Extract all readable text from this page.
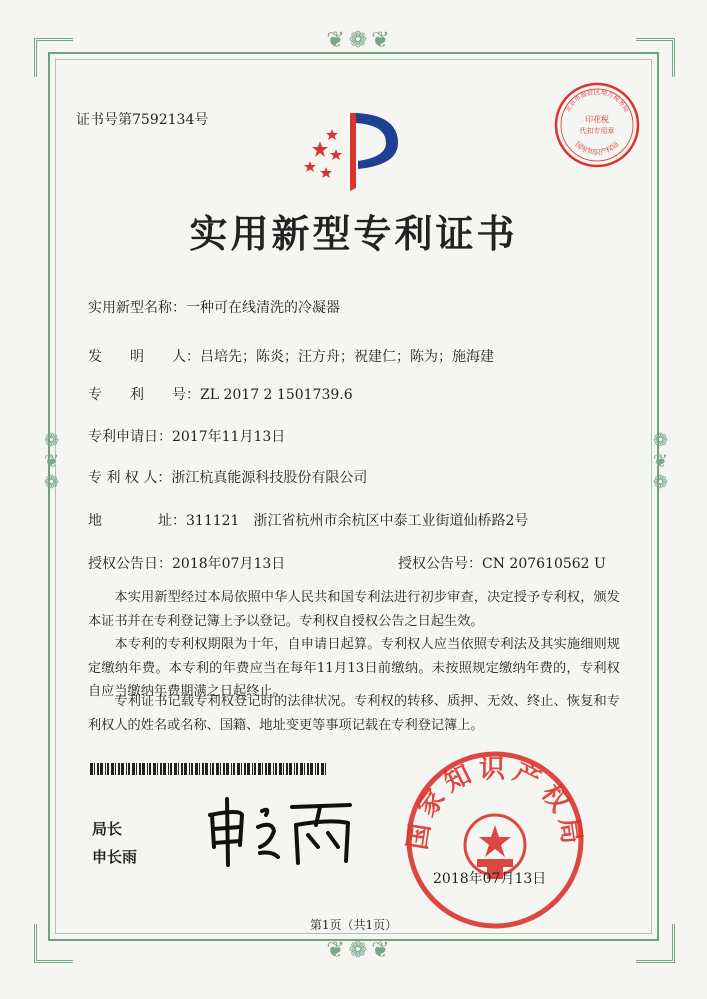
❦❁❦
❦❁❦
❁❦❁	❁❦❁
证书号第7592134号
北京市海淀区地方税务局
印花税
代扣专用章
国家知识产权局
实用新型专利证书
实用新型名称：一种可在线清洗的冷凝器
发　　明　　人：吕培先；陈炎；汪方舟；祝建仁；陈为；施海建
专　　利　　号：ZL 2017 2 1501739.6
专利申请日：2017年11月13日
专 利 权 人：浙江杭真能源科技股份有限公司
地　　　　址：311121　浙江省杭州市余杭区中泰工业街道仙桥路2号
授权公告日：2018年07月13日	授权公告号：CN 207610562 U

本实用新型经过本局依照中华人民共和国专利法进行初步审查，决定授予专利权，颁发本证书并在专利登记簿上予以登记。专利权自授权公告之日起生效。

本专利的专利权期限为十年，自申请日起算。专利权人应当依照专利法及其实施细则规定缴纳年费。本专利的年费应当在每年11月13日前缴纳。未按照规定缴纳年费的，专利权自应当缴纳年费期满之日起终止。

专利证书记载专利权登记时的法律状况。专利权的转移、质押、无效、终止、恢复和专利权人的姓名或名称、国籍、地址变更等事项记载在专利登记簿上。

局长
申长雨
国家知识产权局
2018年07月13日
第1页（共1页）
